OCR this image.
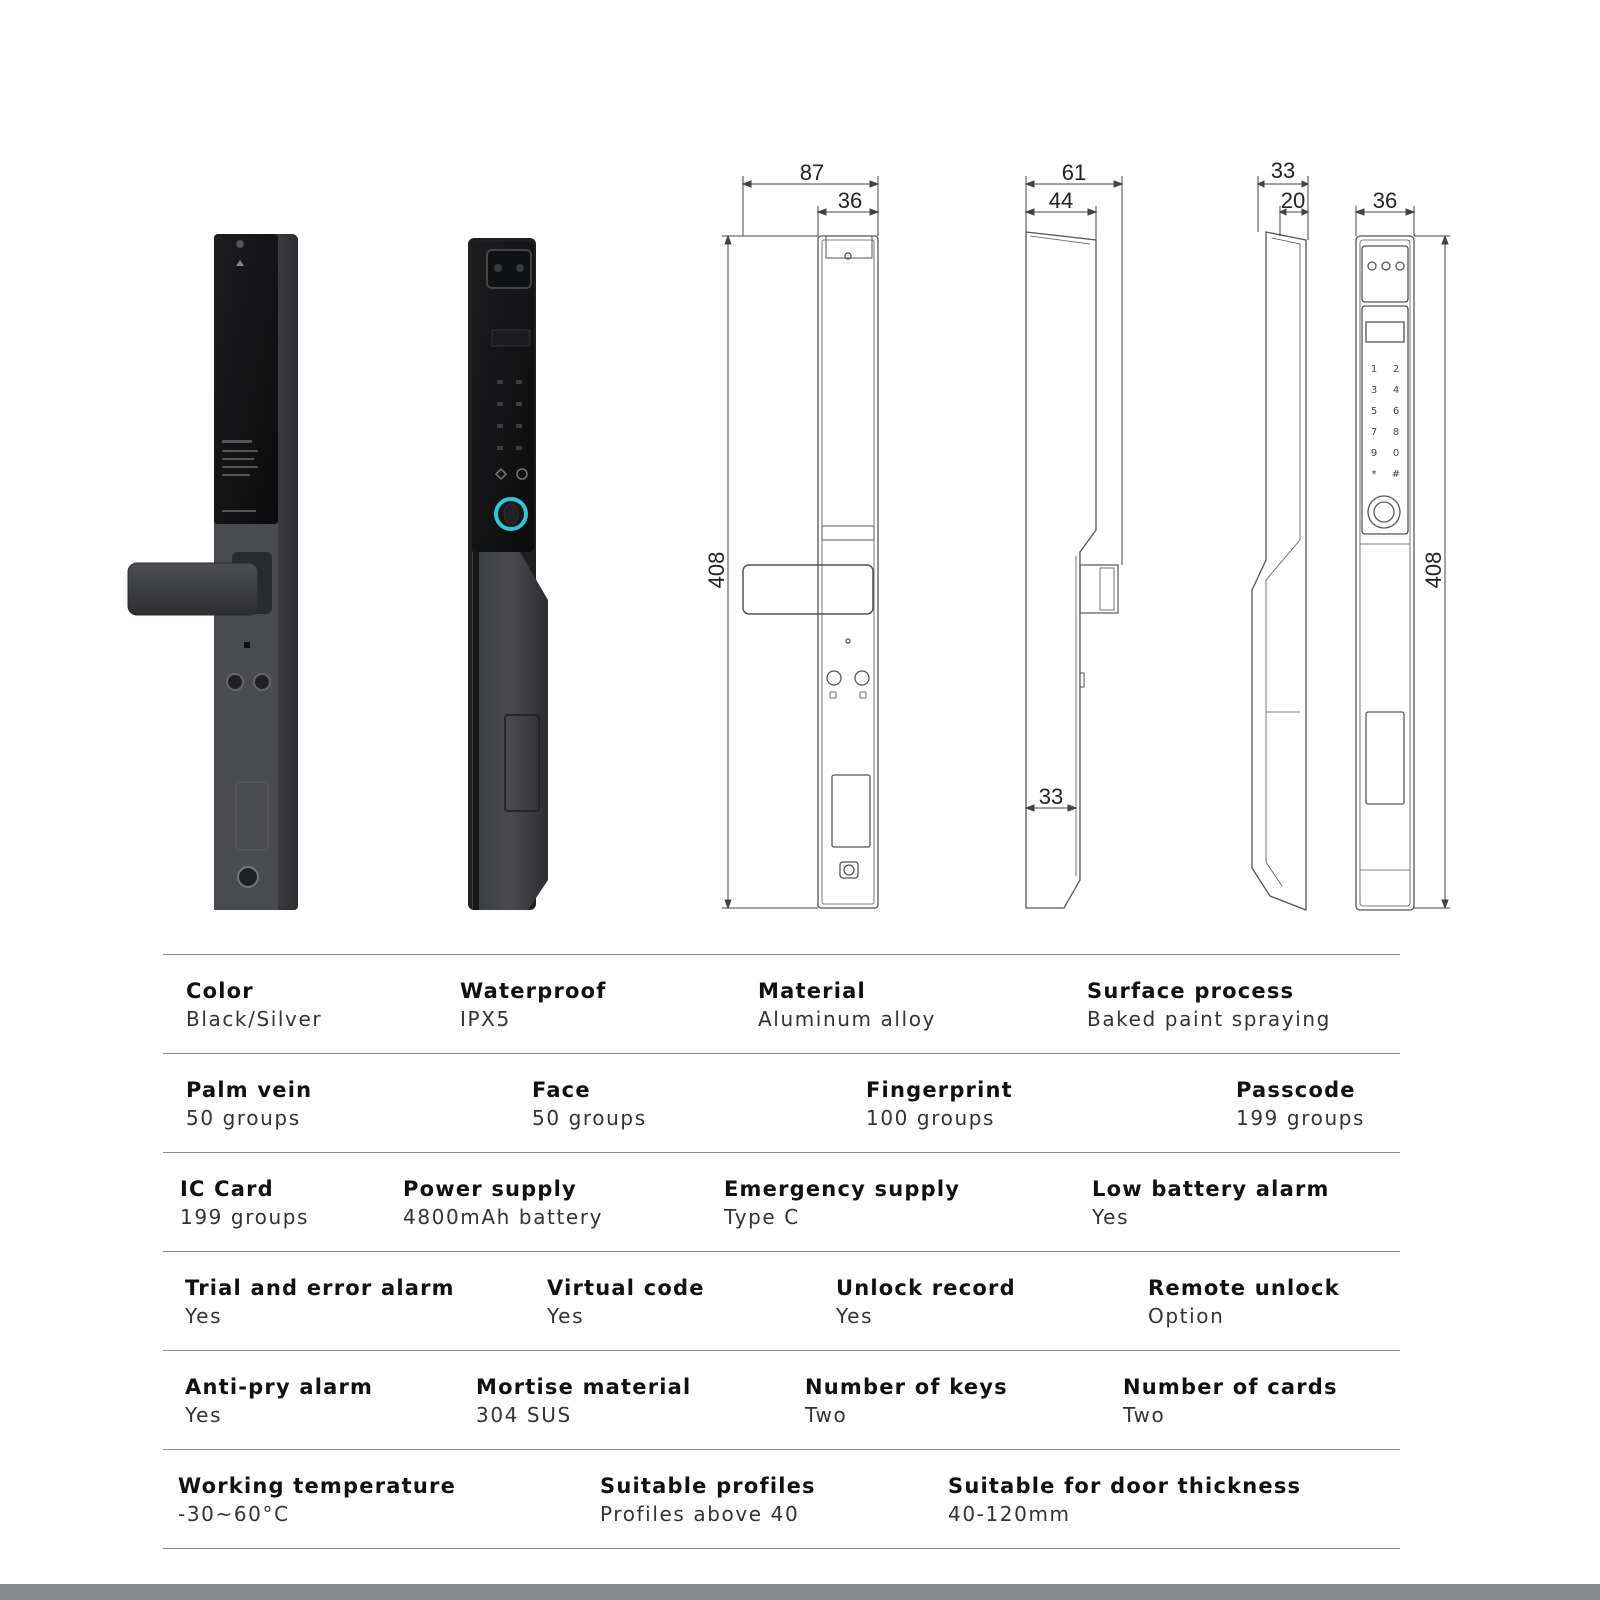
1 2
3 4
5 6
7 8
9 0
* #
87
36
61
44
33
33
20	36
408	408
Color
Black/Silver
Waterproof
IPX5
Material
Aluminum alloy
Surface process
Baked paint spraying
Palm vein
50 groups
Face
50 groups
Fingerprint
100 groups
Passcode
199 groups
IC Card
199 groups
Power supply
4800mAh battery
Emergency supply
Type C
Low battery alarm
Yes
Trial and error alarm
Yes
Virtual code
Yes
Unlock record
Yes
Remote unlock
Option
Anti-pry alarm
Yes
Mortise material
304 SUS
Number of keys
Two
Number of cards
Two
Working temperature
-30~60°C
Suitable profiles
Profiles above 40
Suitable for door thickness
40-120mm
